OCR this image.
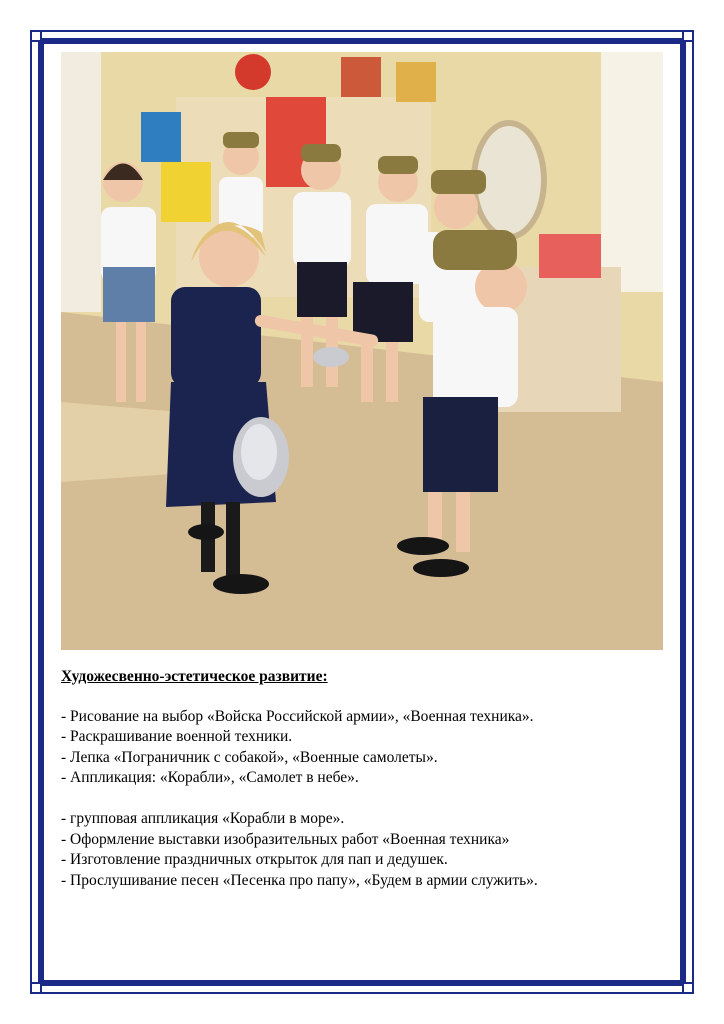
Художесвенно-эстетическое развитие:

- Рисование на выбор «Войска Российской армии», «Военная техника».

- Раскрашивание военной техники.

- Лепка «Пограничник с собакой», «Военные самолеты».

- Аппликация: «Корабли», «Самолет в небе».

- групповая аппликация «Корабли в море».

- Оформление выставки изобразительных работ «Военная техника»

- Изготовление праздничных открыток для пап и дедушек.

- Прослушивание песен «Песенка про папу», «Будем в армии служить».
